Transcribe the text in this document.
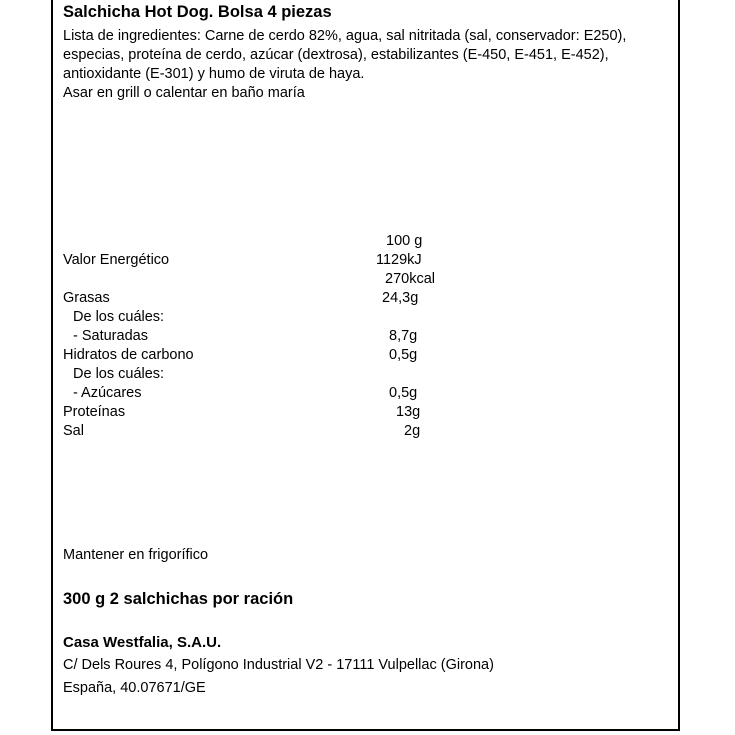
Salchicha Hot Dog. Bolsa 4 piezas

Lista de ingredientes: Carne de cerdo 82%, agua, sal nitritada (sal, conservador: E250), especias, proteína de cerdo, azúcar (dextrosa), estabilizantes (E-450, E-451, E-452), antioxidante (E-301) y humo de viruta de haya.

Asar en grill o calentar en baño maría

100 g
Valor Energético	1129kJ
270kcal
Grasas	24,3g
De los cuáles:
- Saturadas	8,7g
Hidratos de carbono	0,5g
De los cuáles:
- Azúcares	0,5g
Proteínas	13g
Sal	2g
Mantener en frigorífico
300 g 2 salchichas por ración
Casa Westfalia, S.A.U.
C/ Dels Roures 4, Polígono Industrial V2 - 17111 Vulpellac (Girona)
España, 40.07671/GE
